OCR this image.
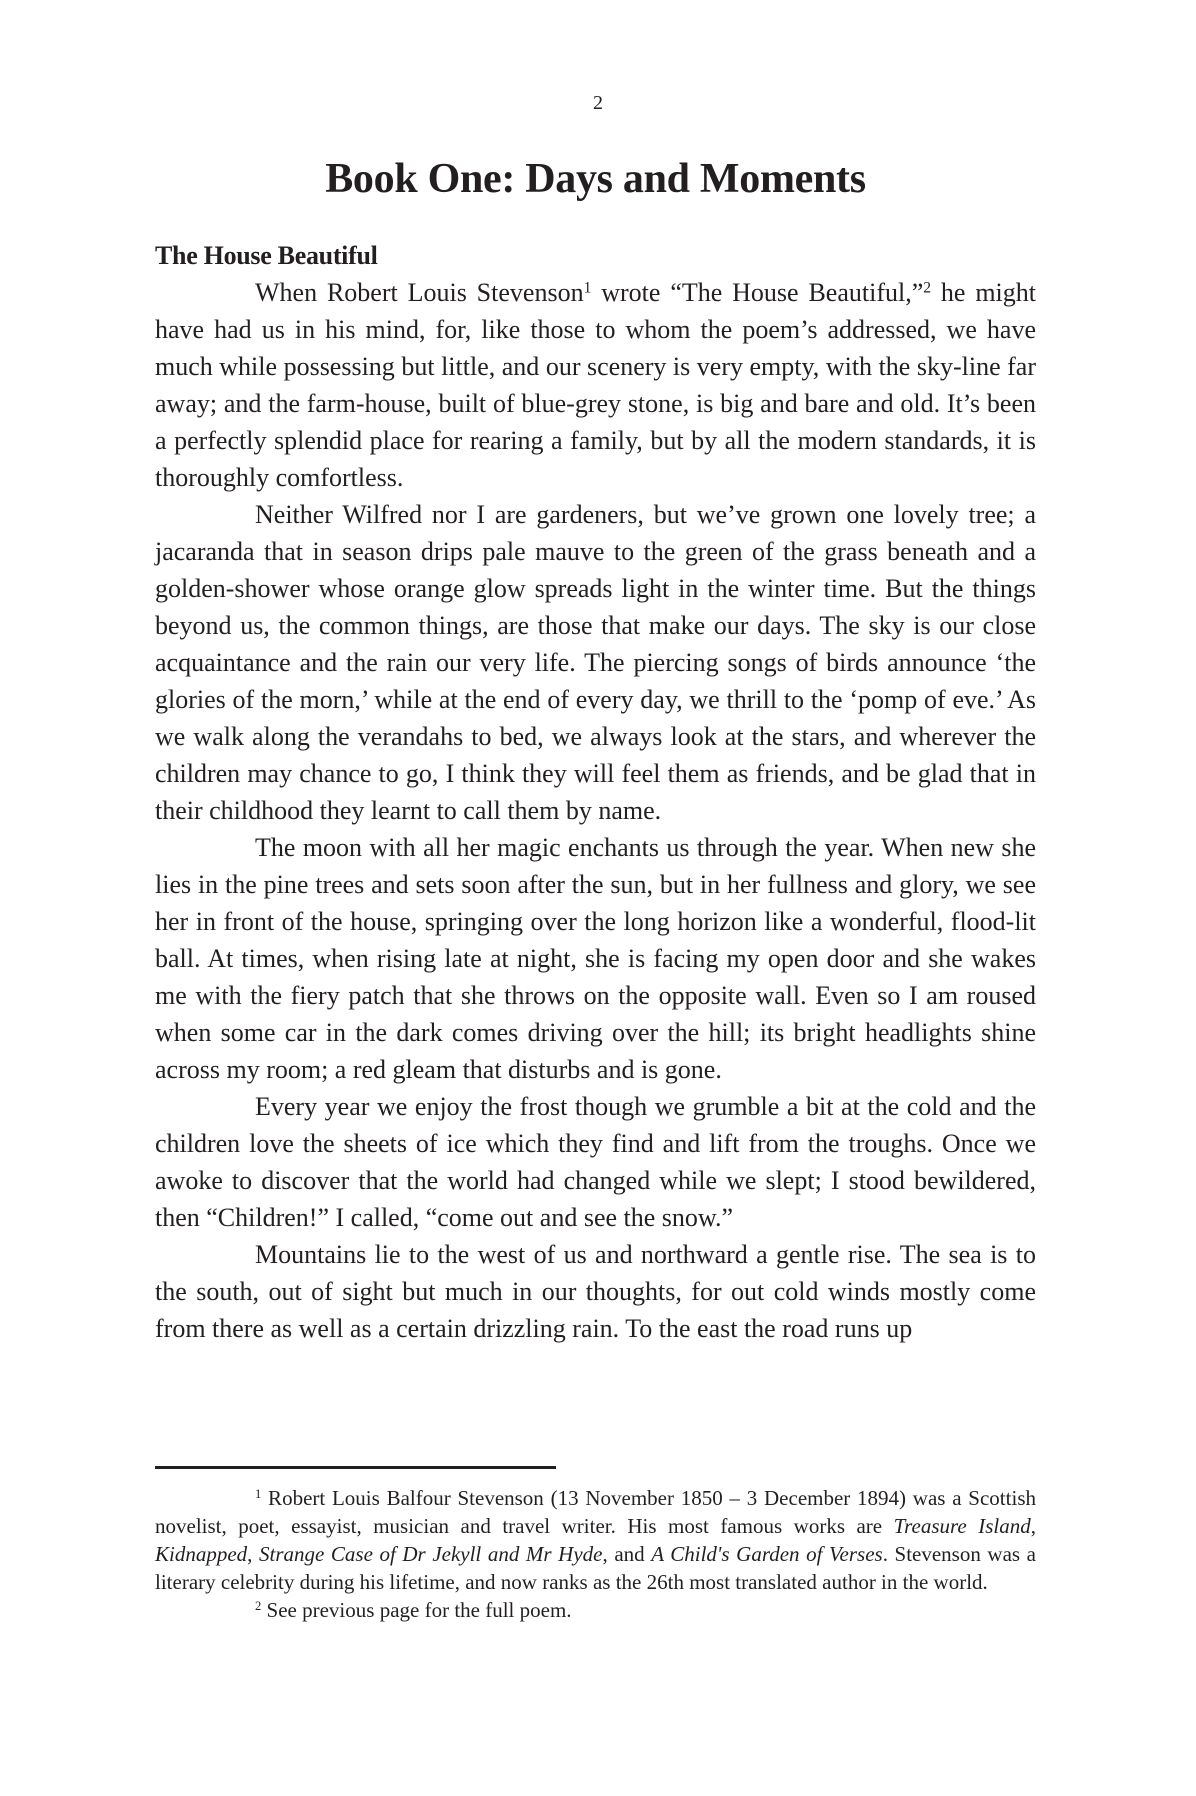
2
Book One: Days and Moments
The House Beautiful

When Robert Louis Stevenson$^1$ wrote “The House Beautiful,”$^2$ he might have had us in his mind, for, like those to whom the poem’s addressed, we have much while possessing but little, and our scenery is very empty, with the sky-line far away; and the farm-house, built of blue-grey stone, is big and bare and old. It’s been a perfectly splendid place for rearing a family, but by all the modern standards, it is thoroughly comfortless.

Neither Wilfred nor I are gardeners, but we’ve grown one lovely tree; a jacaranda that in season drips pale mauve to the green of the grass beneath and a golden-shower whose orange glow spreads light in the winter time. But the things beyond us, the common things, are those that make our days. The sky is our close acquaintance and the rain our very life. The piercing songs of birds announce ‘the glories of the morn,’ while at the end of every day, we thrill to the ‘pomp of eve.’ As we walk along the verandahs to bed, we always look at the stars, and wherever the children may chance to go, I think they will feel them as friends, and be glad that in their childhood they learnt to call them by name.

The moon with all her magic enchants us through the year. When new she lies in the pine trees and sets soon after the sun, but in her fullness and glory, we see her in front of the house, springing over the long horizon like a wonderful, flood-lit ball. At times, when rising late at night, she is facing my open door and she wakes me with the fiery patch that she throws on the opposite wall. Even so I am roused when some car in the dark comes driving over the hill; its bright headlights shine across my room; a red gleam that disturbs and is gone.

Every year we enjoy the frost though we grumble a bit at the cold and the children love the sheets of ice which they find and lift from the troughs. Once we awoke to discover that the world had changed while we slept; I stood bewildered, then “Children!” I called, “come out and see the snow.”

Mountains lie to the west of us and northward a gentle rise. The sea is to the south, out of sight but much in our thoughts, for out cold winds mostly come from there as well as a certain drizzling rain. To the east the road runs up

$^1$ Robert Louis Balfour Stevenson (13 November 1850 – 3 December 1894) was a Scottish novelist, poet, essayist, musician and travel writer. His most famous works are Treasure Island, Kidnapped, Strange Case of Dr Jekyll and Mr Hyde, and A Child's Garden of Verses. Stevenson was a literary celebrity during his lifetime, and now ranks as the 26th most translated author in the world.

$^2$ See previous page for the full poem.
